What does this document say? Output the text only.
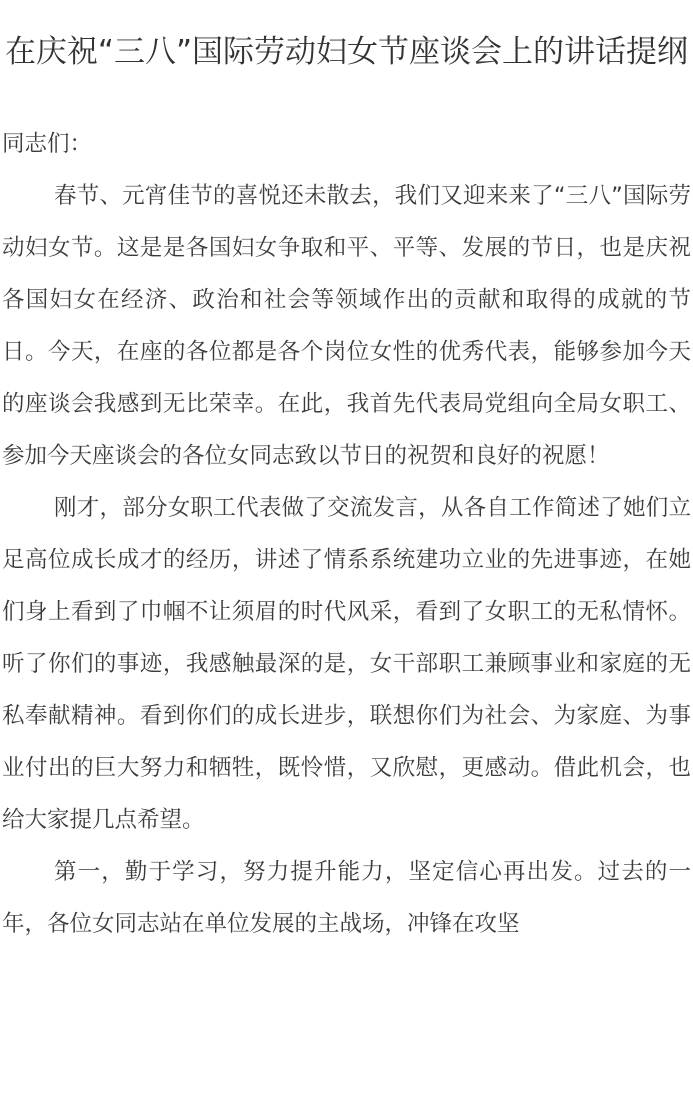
在庆祝“三八”国际劳动妇女节座谈会上的讲话提纲

同志们：

春节、元宵佳节的喜悦还未散去，我们又迎来来了“三八”国际劳动妇女节。这是是各国妇女争取和平、平等、发展的节日，也是庆祝各国妇女在经济、政治和社会等领域作出的贡献和取得的成就的节日。今天，在座的各位都是各个岗位女性的优秀代表，能够参加今天的座谈会我感到无比荣幸。在此，我首先代表局党组向全局女职工、参加今天座谈会的各位女同志致以节日的祝贺和良好的祝愿！

刚才，部分女职工代表做了交流发言，从各自工作简述了她们立足高位成长成才的经历，讲述了情系系统建功立业的先进事迹，在她们身上看到了巾帼不让须眉的时代风采，看到了女职工的无私情怀。听了你们的事迹，我感触最深的是，女干部职工兼顾事业和家庭的无私奉献精神。看到你们的成长进步，联想你们为社会、为家庭、为事业付出的巨大努力和牺牲，既怜惜，又欣慰，更感动。借此机会，也给大家提几点希望。

第一，勤于学习，努力提升能力，坚定信心再出发。过去的一年，各位女同志站在单位发展的主战场，冲锋在攻坚
